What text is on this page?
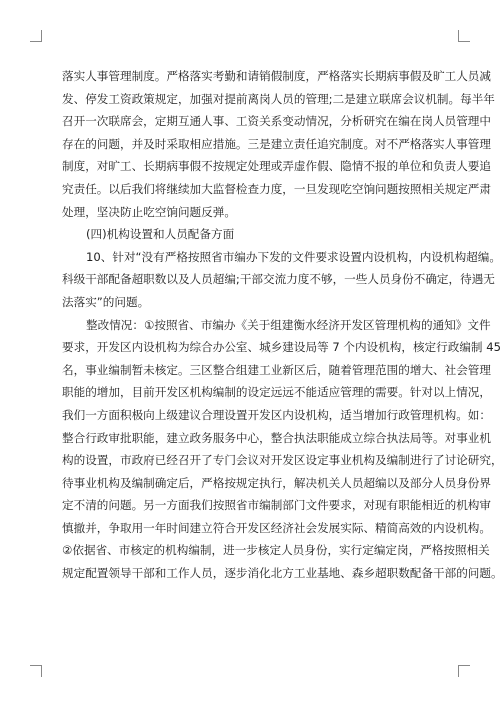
落实人事管理制度。严格落实考勤和请销假制度，严格落实长期病事假及旷工人员减
发、停发工资政策规定，加强对提前离岗人员的管理;二是建立联席会议机制。每半年
召开一次联席会，定期互通人事、工资关系变动情况，分析研究在编在岗人员管理中
存在的问题，并及时采取相应措施。三是建立责任追究制度。对不严格落实人事管理
制度，对旷工、长期病事假不按规定处理或弄虚作假、隐情不报的单位和负责人要追
究责任。以后我们将继续加大监督检查力度，一旦发现吃空饷问题按照相关规定严肃
处理，坚决防止吃空饷问题反弹。
(四)机构设置和人员配备方面
10、针对“没有严格按照省市编办下发的文件要求设置内设机构，内设机构超编。
科级干部配备超职数以及人员超编;干部交流力度不够，一些人员身份不确定，待遇无
法落实”的问题。
整改情况：①按照省、市编办《关于组建衡水经济开发区管理机构的通知》文件
要求，开发区内设机构为综合办公室、城乡建设局等 7 个内设机构，核定行政编制 45
名，事业编制暂未核定。三区整合组建工业新区后，随着管理范围的增大、社会管理
职能的增加，目前开发区机构编制的设定远远不能适应管理的需要。针对以上情况，
我们一方面积极向上级建议合理设置开发区内设机构，适当增加行政管理机构。如：
整合行政审批职能，建立政务服务中心，整合执法职能成立综合执法局等。对事业机
构的设置，市政府已经召开了专门会议对开发区设定事业机构及编制进行了讨论研究，
待事业机构及编制确定后，严格按规定执行，解决机关人员超编以及部分人员身份界
定不清的问题。另一方面我们按照省市编制部门文件要求，对现有职能相近的机构审
慎撤并，争取用一年时间建立符合开发区经济社会发展实际、精简高效的内设机构。
②依据省、市核定的机构编制，进一步核定人员身份，实行定编定岗，严格按照相关
规定配置领导干部和工作人员，逐步消化北方工业基地、森乡超职数配备干部的问题。
